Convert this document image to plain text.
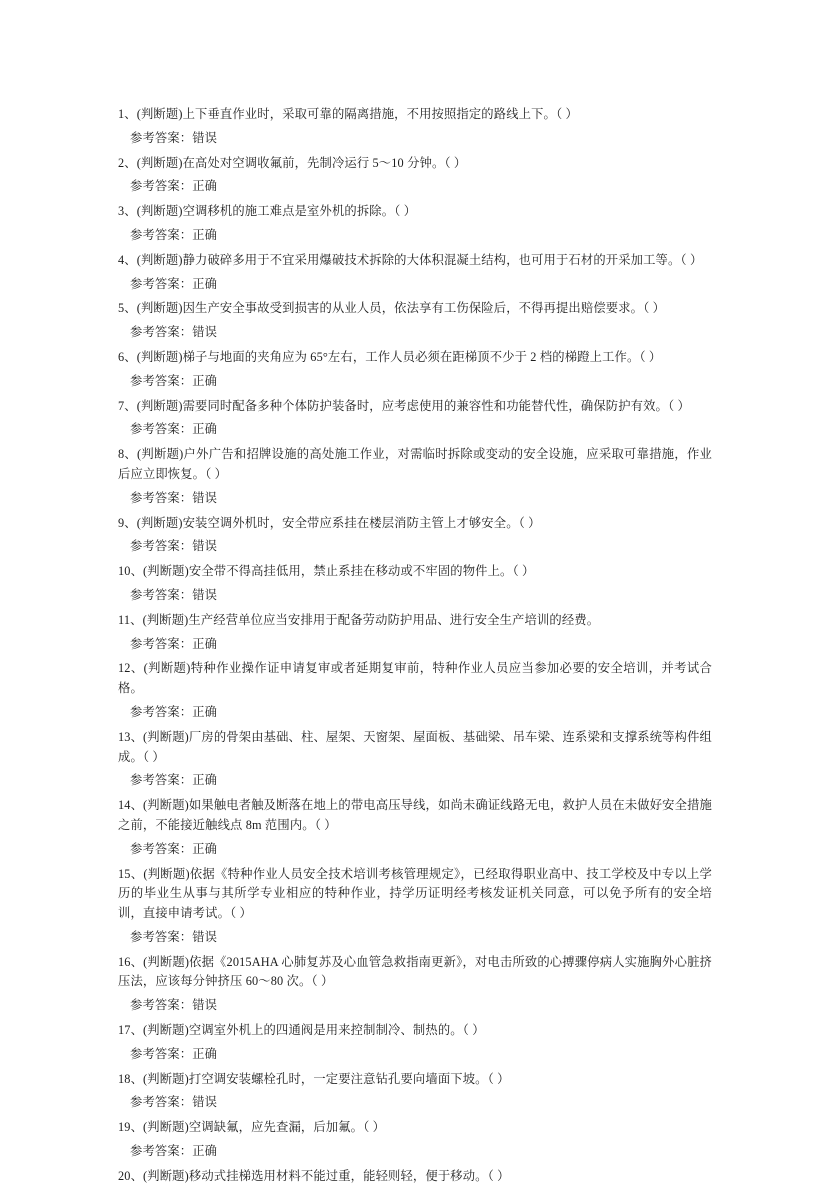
1、(判断题)上下垂直作业时，采取可靠的隔离措施，不用按照指定的路线上下。（ ）

参考答案：错误

2、(判断题)在高处对空调收氟前，先制冷运行 5～10 分钟。（ ）

参考答案：正确

3、(判断题)空调移机的施工难点是室外机的拆除。（ ）

参考答案：正确

4、(判断题)静力破碎多用于不宜采用爆破技术拆除的大体积混凝土结构，也可用于石材的开采加工等。（ ）

参考答案：正确

5、(判断题)因生产安全事故受到损害的从业人员，依法享有工伤保险后，不得再提出赔偿要求。（ ）

参考答案：错误

6、(判断题)梯子与地面的夹角应为 65°左右，工作人员必须在距梯顶不少于 2 档的梯蹬上工作。（ ）

参考答案：正确

7、(判断题)需要同时配备多种个体防护装备时，应考虑使用的兼容性和功能替代性，确保防护有效。（ ）

参考答案：正确

8、(判断题)户外广告和招牌设施的高处施工作业，对需临时拆除或变动的安全设施，应采取可靠措施，作业后应立即恢复。（ ）

参考答案：错误

9、(判断题)安装空调外机时，安全带应系挂在楼层消防主管上才够安全。（ ）

参考答案：错误

10、(判断题)安全带不得高挂低用，禁止系挂在移动或不牢固的物件上。（ ）

参考答案：错误

11、(判断题)生产经营单位应当安排用于配备劳动防护用品、进行安全生产培训的经费。

参考答案：正确

12、(判断题)特种作业操作证申请复审或者延期复审前，特种作业人员应当参加必要的安全培训，并考试合格。

参考答案：正确

13、(判断题)厂房的骨架由基础、柱、屋架、天窗架、屋面板、基础梁、吊车梁、连系梁和支撑系统等构件组成。（ ）

参考答案：正确

14、(判断题)如果触电者触及断落在地上的带电高压导线，如尚未确证线路无电，救护人员在未做好安全措施之前，不能接近触线点 8m 范围内。（ ）

参考答案：正确

15、(判断题)依据《特种作业人员安全技术培训考核管理规定》，已经取得职业高中、技工学校及中专以上学历的毕业生从事与其所学专业相应的特种作业，持学历证明经考核发证机关同意，可以免予所有的安全培训，直接申请考试。（ ）

参考答案：错误

16、(判断题)依据《2015AHA 心肺复苏及心血管急救指南更新》，对电击所致的心搏骤停病人实施胸外心脏挤压法，应该每分钟挤压 60～80 次。（ ）

参考答案：错误

17、(判断题)空调室外机上的四通阀是用来控制制冷、制热的。（ ）

参考答案：正确

18、(判断题)打空调安装螺栓孔时，一定要注意钻孔要向墙面下坡。（ ）

参考答案：错误

19、(判断题)空调缺氟，应先查漏，后加氟。（ ）

参考答案：正确

20、(判断题)移动式挂梯选用材料不能过重，能轻则轻，便于移动。（ ）
